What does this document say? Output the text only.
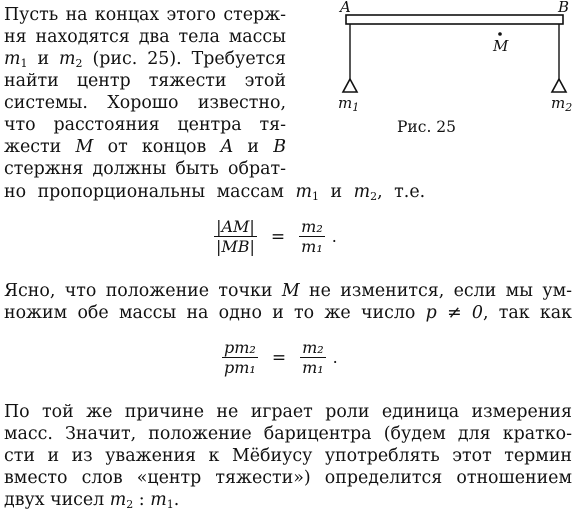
A	B
M
$m_1$	$m_2$
Рис. 25
Пусть на концах этого стерж-
ня находятся два тела массы
$m_1$ и $m_2$ (рис. 25). Требуется
найти центр тяжести этой
системы. Хорошо известно,
что расстояния центра тя-
жести M от концов A и B
стержня должны быть обрат-
но пропорциональны массам $m_1$ и $m_2$, т.е.
$\frac{|AM|}{|MB|} = \frac{\text{m₂}}{\text{m₁}}$ .
Ясно, что положение точки M не изменится, если мы ум-
ножим обе массы на одно и то же число p ≠ 0, так как
$\frac{\text{pm₂}}{\text{pm₁}} = \frac{\text{m₂}}{\text{m₁}}$ .
По той же причине не играет роли единица измерения
масс. Значит, положение барицентра (будем для кратко-
сти и из уважения к Мёбиусу употреблять этот термин
вместо слов «центр тяжести») определится отношением
двух чисел $m_2$ : $m_1$.
